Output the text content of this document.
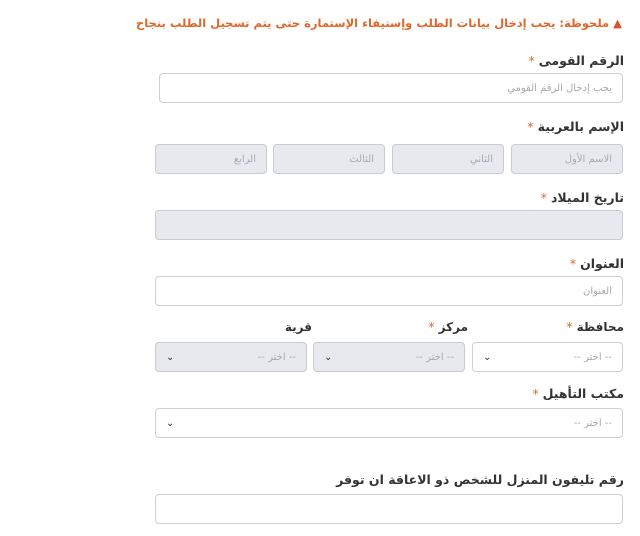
▲ملحوظة: يجب إدخال بيانات الطلب وإستيفاء الإستمارة حتى يتم تسجيل الطلب بنجاح
الرقم القومى*
يجب إدخال الرقم القومي
الإسم بالعربية*
الاسم الأول
الثاني
الثالث
الرابع
تاريخ الميلاد*
العنوان*
العنوان
محافظة *
مركز *
قرية
-- اختر --
⌄
-- اختر --
⌄
-- اختر --
⌄
مكتب التأهيل*
-- اختر --
⌄
رقم تليفون المنزل للشخص ذو الاعاقة ان توفر
